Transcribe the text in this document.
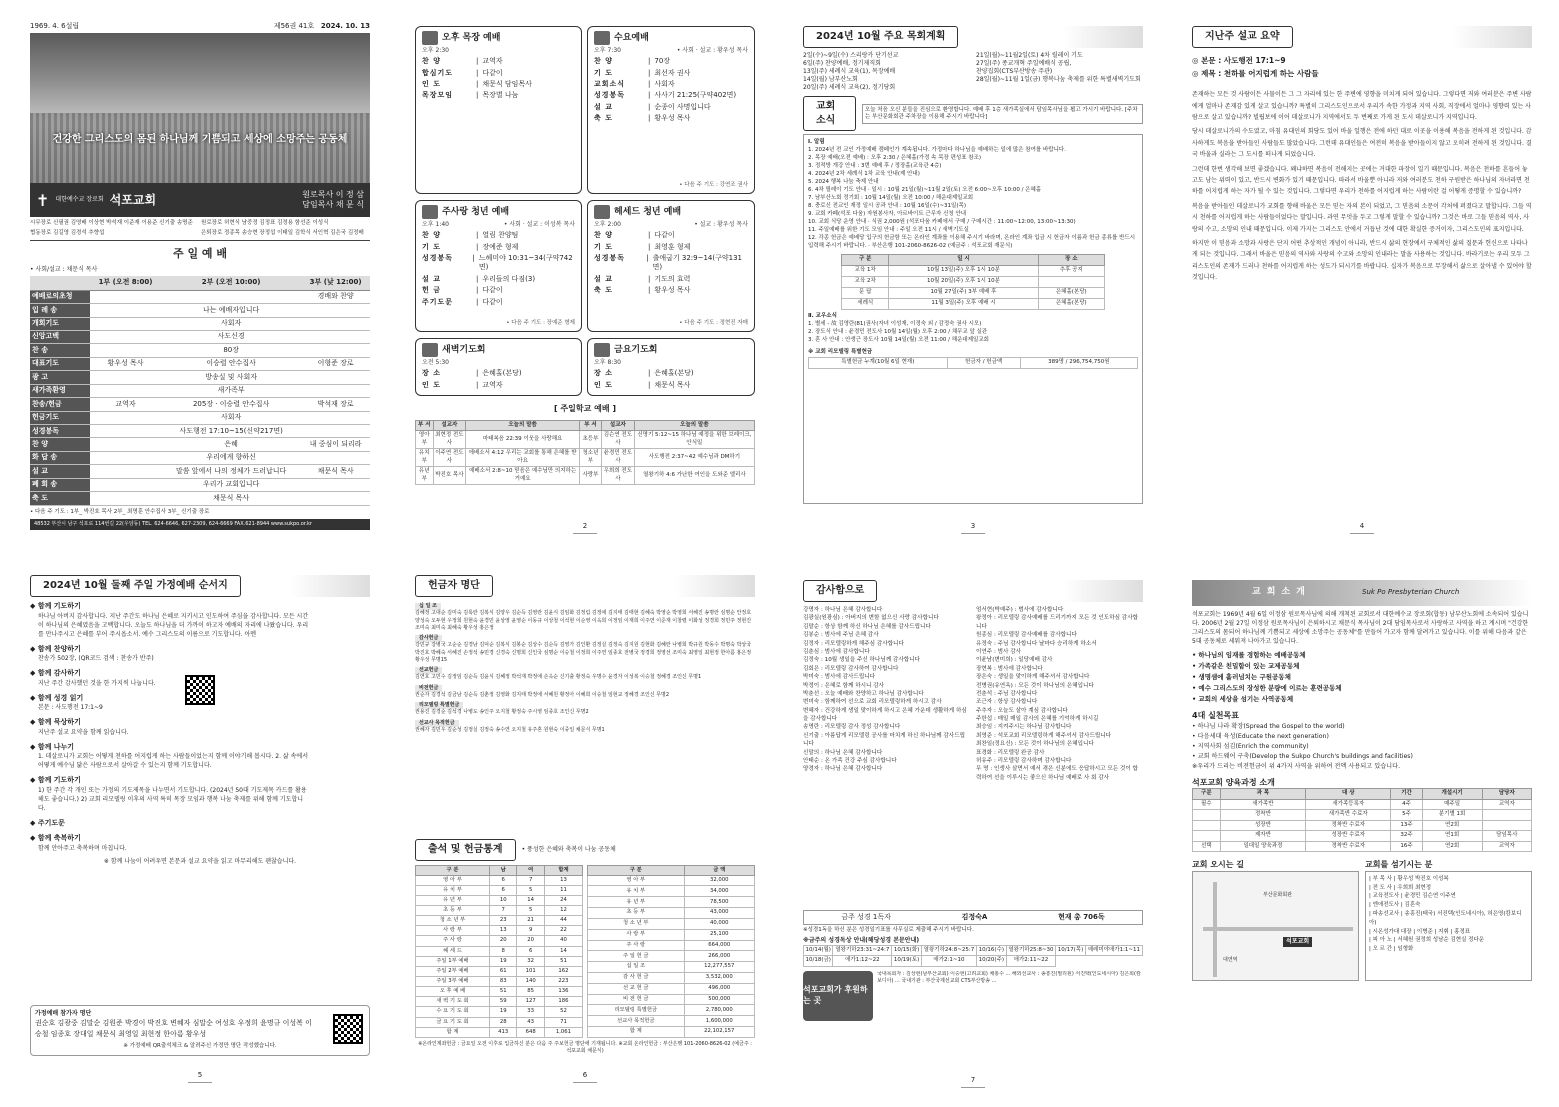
1969. 4. 6설립	제56권 41호 2024. 10. 13
건강한 그리스도의 몸된 하나님께 기쁨되고 세상에 소망주는 공동체
✝ 대한예수교 장로회 석포교회	원로목사 이 정 삼
담임목사 채 문 식
시무장로 신필권 김영배 이상현 박석재 이준재 이용준 신기출 송명준	원로장로 허현식 남중정 김정표 김정용 함선준 이성식
협동장로 김길영 김경석 추향섭	은퇴장로 정종목 송승현 장정섭 이태일 김학식 서인혁 김은국 김정배
주 일 예 배
• 사회/설교 : 채문식 목사
	1부 (오전 8:00)	2부 (오전 10:00)	3부 (낮 12:00)
예배로의초청			경배와 찬양
입 례 송		나는 예배자입니다	
개회기도		사회자	
신앙고백		사도신경	
찬 송		80장	
대표기도	황우성 목사	이승렬 안수집사	이형준 장로
광 고		방송실 및 사회자	
새가족환영		새가족부	
찬송/헌금	교역자	205장 · 이승렬 안수집사	박석재 장로
헌금기도		사회자	
성경봉독		사도행전 17:10~15(신약217면)	
찬 양		은혜	내 중심이 되리라
화 답 송		우리에게 향하신	
설 교		말씀 앞에서 나의 정체가 드러납니다	채문식 목사
폐 회 송		우리가 교회입니다	
축 도		채문식 목사	
• 다음 주 기도 : 1부_ 박진호 목사 2부_ 최명훈 안수집사 3부_ 신기출 장로
48532 부산시 남구 석포로 114번길 22(우암동) TEL. 624-6646, 627-2309, 624-6669 FAX.621-8944 www.sukpo.or.kr
오후 목장 예배
오후 2:30
찬 양	| 교역자
합심기도	| 다같이
인 도	| 채문식 담임목사
목장모임	| 목장별 나눔
수요예배
오후 7:30	• 사회 · 설교 : 황우성 목사
찬 양	| 70장
기 도	| 최선자 권사
교회소식	| 사회자
성경봉독	| 사사기 21:25(구약402면)
설 교	| 순종이 사명입니다
축 도	| 황우성 목사
• 다음 주 기도 : 강연조 권사
주사랑 청년 예배
오후 1:40	• 사회 · 설교 : 이성복 목사
찬 양	| 열림 찬양팀
기 도	| 장예준 형제
성경봉독	| 느헤미야 10:31~34(구약742면)
설 교	| 우리들의 다짐(3)
헌 금	| 다같이
주기도문	| 다같이
• 다음 주 기도 : 장예준 형제
헤세드 청년 예배
오후 2:00	• 설교 : 황우성 목사
찬 양	| 다같이
기 도	| 최영훈 형제
성경봉독	| 출애굽기 32:9~14(구약131면)
설 교	| 기도의 효력
축 도	| 황우성 목사
• 다음 주 기도 : 정현진 자매
새벽기도회
오전 5:30
장 소	| 은혜홀(본당)
인 도	| 교역자
금요기도회
오후 8:30
장 소	| 은혜홀(본당)
인 도	| 채문식 목사
[ 주일학교 예배 ]
부 서	설교자	오늘의 말씀	부 서	설교자	오늘의 말씀
영아부	최현정 전도사	마태복음 22:39 이웃을 사랑해요	초등부	김슨연 전도사	신명기 5:12~15 하나님 예정을 위한 브레이크, 안식일
유치부	이주연 전도사	에베소서 4:12 우리는 교회를 통해 은혜를 받아요	청소년부	윤경민 전도사	사도행전 2:37~42 예수님과 DM하기
유년부	박진호 목사	예배소서 2:8~10 믿음은 예수님만 의지하는 거예요	사랑부	우희희 전도사	열왕기하 4:6 가난한 여인을 도와준 엘리사
2
2024년 10월 주요 목회계획
2일(수)~9일(수) 스리랑카 단기선교
6일(주) 찬양예배, 정기제직회
13일(주) 세례식 교육(1), 목장예배
14일(월) 남부산노회
20일(주) 세례식 교육(2), 정기당회
21일(월)~11월2일(토) 4차 릴레이 기도
27일(주) 종교개혁 주일예배식 공립,
찬양집회(CTS부산방송 주관)
28일(월)~11월 1일(금) 행복나눔 축제를 위한 특별새벽기도회
교회소식
오늘 처음 오신 분들을 진심으로 환영합니다. 예배 후 1층 새가족실에서 담임목사님을 뵙고 가시기 바랍니다. [주차는 부산문화회관 주차장을 이용해 주시기 바랍니다]
Ⅰ. 알림
1. 2024년 전 교인 가정예배 캠페인가 계속됩니다. 가정마다 하나님을 예배하는 일에 많은 참여를 바랍니다.
2. 목장 예배(오전 예배) : 오후 2:30 / 은혜홀(가정 속 목장 편성표 참조)
3. 정적방 개강 안내 : 3번 예배 후 / 정장홀(교육관 4층)
4. 2024년 2차 세례식 1차 교육 안내(제 안내)
5. 2024 행복 나눔 축제 안내
6. 4차 릴레이 기도 안내 · 일시 : 10월 21일(월)~11월 2일(토) 오전 6:00~오후 10:00 / 은혜홀
7. 남부산노회 정기회 : 10월 14일(월) 오전 10:00 / 해운대제일교회
8. 충로신 전교인 재정 일시 공과 안내 : 10월 16일(수)~31일(목)
9. 교회 카페(석포 다움) 자원봉사자, 아르바이트 근무자 신청 안내
10. 교회 식당 운영 안내 · 식권 2,000원 (석포다움 카페에서 구매 / 구매시간 : 11:00~12:00, 13:00~13:30)
11. 주일예배를 위한 기도 모임 안내 : 주일 오전 11시 / 새벽기도실
12. 각종 헌금은 예배당 입구의 헌금함 또는 온라인 계좌를 이용해 주시기 바라며, 온라인 계좌 입금 시 헌금자 이름과 헌금 종류를 반드시 입력해 주시기 바랍니다. · 부산은행 101-2060-8626-02 (예금주 : 석포교회 재문식)
구 분	일 시	장 소
교육 1차	10월 13일(주) 오후 1시 10분	추후 공지
교육 2차	10월 20일(주) 오후 1시 10분	
문 답	10월 27일(주) 3부 예배 후	은혜홀(본당)
세례식	11월 3일(주) 오후 예배 시	은혜홀(본당)
Ⅱ. 교우소식
1. 별세 - 故 김영란(81)권사(자녀 이성재, 이정숙 외 / 감정숙 권사 시모)
2. 장도식 안내 : 윤경민 전도사 10월 14일(월) 오후 2:00 / 채무교 앞 실관
3. 혼 사 안내 : 안생근 장도사 10월 14일(월) 오전 11:00 / 해운대제일교회
※ 교회 리모델링 특별헌금
특별헌금 누계(10월 6일 현재)	헌금자 / 헌금액	389명 / 296,754,750원
3
지난주 설교 요약
◎ 본문 : 사도행전 17:1~9
◎ 제목 : 천하를 어지럽게 하는 사람들

존재하는 모든 것 사람이든 사물이든 그 그 자리에 있는 한 주변에 영향을 미치게 되어 있습니다. 그렇다면 저와 여러분은 주변 사람에게 얼마나 존재감 있게 살고 있습니까? 특별히 그리스도인으로서 우리가 속한 가정과 지역 사회, 직장에서 얼마나 영향력 있는 사람으로 살고 있습니까? 빌립보에 이어 데살로니가 지역에서도 두 번째로 가게 된 도시 데살로니가 지역입니다.

당시 데살로니가의 수도였고, 마침 유대인의 회당도 있어 바울 일행은 전에 하던 대로 이곳을 이용해 복음을 전하게 된 것입니다. 감사하게도 복음을 받아들인 사람들도 많았습니다. 그런데 유대인들은 여전히 복음을 받아들이지 않고 오히려 전하게 된 것입니다. 결국 바울과 실라는 그 도시를 떠나게 되었습니다.

그런데 한번 생각해 보면 좋겠습니다. 왜냐하면 복음이 전해지는 곳에는 거대한 파장이 일기 때문입니다. 복음은 천하를 흔들어 놓고도 남는 위력이 있고, 반드시 변화가 있기 때문입니다. 따라서 바울뿐 아니라 저와 여러분도 천하 구원받은 하나님의 자녀라면 천하를 어지럽게 하는 자가 될 수 있는 것입니다. 그렇다면 우리가 천하를 어지럽게 하는 사람이란 걸 어떻게 증명할 수 있습니까?

복음을 받아들인 데살로니가 교회를 향해 바울은 모든 믿는 자의 본이 되었고, 그 믿음의 소문이 각처에 퍼졌다고 말합니다. 그들 역시 천하를 어지럽게 하는 사람들이었다는 말입니다. 과연 무엇을 두고 그렇게 말할 수 있습니까? 그것은 바로 그들 믿음의 역사, 사랑의 수고, 소망의 인내 때문입니다. 이제 가지는 그리스도 안에서 거듭난 것에 대한 확실한 증거이자, 그리스도인의 표지입니다.

하지만 이 믿음과 소망과 사랑은 단지 어떤 추상적인 개념이 아니라, 반드시 삶의 현장에서 구체적인 삶의 질문과 헌신으로 나타나게 되는 것입니다. 그래서 바울은 믿음의 역사와 사랑의 수고와 소망의 인내라는 말을 사용하는 것입니다. 바라기로는 우리 모두 그리스도인의 존재가 드러나 천하를 어지럽게 하는 성도가 되시기를 바랍니다. 십자가 복음으로 무장해서 삶으로 살아낼 수 있어야 할 것입니다.

4
2024년 10월 둘째 주일 가정예배 순서지
◆ 함께 기도하기
하나님 아버지 감사합니다. 지난 주간도 하나님 은혜로 지키시고 인도하여 주심을 감사합니다. 모든 시간이 하나님의 은혜였음을 고백합니다. 오늘도 하나님을 더 가까이 하고자 예배의 자리에 나왔습니다. 우리를 만나주시고 은혜를 부어 주시옵소서. 예수 그리스도의 이름으로 기도합니다. 아멘
◆ 함께 찬양하기
찬송가 502장, (QR코드 검색 : 찬송가 반주)
◆ 함께 감사하기
지난 주간 감사했던 것을 한 가지씩 나눕니다.
◆ 함께 성경 읽기
본문 : 사도행전 17:1~9
◆ 함께 묵상하기
지난주 설교 요약을 함께 읽습니다.
◆ 함께 나누기
1. 데살로니가 교회는 어떻게 천하를 어지럽게 하는 사람들이었는지 함께 이야기해 봅시다. 2. 삶 속에서 어떻게 예수님 닮은 사람으로서 살아갈 수 있는지 함께 기도합니다.
◆ 함께 기도하기
1) 한 주간 각 개인 또는 가정의 기도제목을 나누면서 기도합니다. (2024년 50대 기도제목 카드를 활용해도 좋습니다.) 2) 교회 리모델링 이후의 사역 특히 목장 모임과 행복 나눔 축제를 위해 함께 기도합니다.
◆ 주기도문
◆ 함께 축복하기
함께 안아주고 축복하며 마칩니다.
※ 함께 나눔이 어려우면 본문과 설교 요약을 읽고 마무리해도 괜찮습니다.
가정예배 참가자 명단
권순호 김광중 김말순 김원준 박경이 박진호 변혜자 심말순 여성호 우정희 윤명규 이성복 이승철 임종호 장대일 채문식 최영일 최현정 한아름 황우성
※ 가정예배 QR출석체크 & 알려주신 가정만 명단 작성했습니다.
5
헌금자 명단
십 일 조
김혜정 고대순 김미숙 김록란 김복식 김양우 김순득 김영란 김윤식 김임화 김정림 김정애 김지태 김태현 김혜숙 박영순 박영희 서혜진 송명란 심명순 안정호 양성숙 오두현 우정희 원현숙 윤경민 윤상영 윤영순 이동규 이상철 이석현 이순영 이옥희 이정임 이재희 이주연 이준재 이창렬 이화성 정경희 정민주 정현진 조미숙 최미숙 최혜숙 황우성 홍은정
감사헌금
강민규 강병국 고순순 김경남 김덕순 김복식 김봉순 김상수 김순득 김영가 김인환 김정실 김정숙 김지원 김현화 김혜란 나병희 박규원 박동수 박명숙 박상국 박진호 박혜숙 서혜진 손정석 송민경 신경숙 신명희 신인국 심명순 이승철 이정희 이주연 임종호 전병국 정경희 정영선 조미숙 최영일 최현정 한아름 홍은정 황우성 무명15
선교헌금
김연호 고민수 김정임 김순득 김윤식 김혜정 박석재 박정애 손옥순 신기출 황정숙 우명수 윤경자 이성복 이승철 정혜경 조인신 무명1
비전헌금
권순자 김경석 김금남 김순득 김춘정 김영화 김지태 박정애 서혜원 황정아 이혜희 이승철 임현교 정혜경 조인신 무명2
리모델링 특별헌금
권용진 김경순 김석경 나병도 송인주 오지철 황정숙 주시영 임종호 조인신 무명2
선교사 목적헌금
권혜자 김민우 김순성 김정실 김정숙 송수연 오지철 유주혼 원현숙 이중일 채문식 무명1
출석 및 헌금통계	• 풍성한 은혜와 축복이 나눔 공동체
구 분	남	여	합계
영 아 부	6	7	13
유 치 부	6	5	11
유 년 부	10	14	24
초 등 부	7	5	12
청 소 년 부	23	21	44
사 랑 부	13	9	22
주 사 랑	20	20	40
헤 세 드	8	6	14
주일 1부 예배	19	32	51
주일 2부 예배	61	101	162
주일 3부 예배	83	140	223
오 후 예 배	51	85	136
새 벽 기 도 회	59	127	186
수 요 기 도 회	19	33	52
금 요 기 도 회	28	43	71
합 계	413	648	1,061
구 분	금 액
영 아 부	32,000
유 치 부	34,000
유 년 부	78,500
초 등 부	43,000
청 소 년 부	40,000
사 랑 부	25,100
주 사 랑	664,000
주 일 헌 금	266,000
십 일 조	12,277,557
감 사 헌 금	3,532,000
선 교 헌 금	496,000
비 전 헌 금	500,000
리모델링 특별헌금	2,780,000
선교사 목적헌금	1,600,000
합 계	22,102,157
※온라인계좌헌금 : 금요일 오전 이후로 입금하신 분은 다음 주 주보헌금 명단에 기재됩니다. ※교회 온라인헌금 : 부산은행 101-2060-8626-02 (예금주 : 석포교회 채문식)
6
감사함으로
강명자 : 하나님 은혜 감사합니다
김광실(원광심) : 아버지의 변함 없으신 사랑 감사합니다
김말순 : 항상 함께 하신 하나님 은혜를 감사드립니다
김봉순 : 범사에 주님 은혜 감사
김정자 : 리모델링하게 해주심 감사합니다
김춘심 : 범사에 감사합니다
김정숙 : 10월 생일을 주신 하나님께 감사합니다
김회은 : 리모델링 감사하여 감사합니다
박미숙 : 범사에 감사드립니다
박정이 : 은혜로 함께 하시니 감사
박춘선 : 오늘 예배와 찬양하고 하나님 감사합니다
변미숙 : 함께하여 선으로 교회 리모델링하게 하시고 감사
변혜자 : 건강하게 생일 맞이하게 하시고 은혜 가운데 생활하게 하심을 감사합니다
송명란 : 리모델링 감사 정성 감사합니다
신기출 : 아름답게 리모델링 공사를 마치게 하신 하나님께 감사드립니다
신말의 : 하나님 은혜 감사합니다
안태순 : 온 가족 건강 주심 감사합니다
양경자 : 하나님 은혜 감사합니다
엄서현(박예주) : 범사에 감사합니다
왕정아 : 리모델링 감사예배를 드리기까지 모든 것 인도하심 감사합니다
원종심 : 리모델링 감사예배를 감사합니다
유정숙 : 주님 감사합니다 날마다 승리하게 하소서
이연주 : 범사 감사
이윤남(변미희) : 일당예배 감사
장현복 : 범사에 감사합니다
장은숙 : 생일을 맞이하게 해주셔서 감사합니다
전병권(유연옥) : 모든 것이 하나님의 은혜입니다
전춘석 : 주님 감사합니다
조근자 : 항상 감사합니다
주추자 : 오늘도 살아 계심 감사합니다
주한섭 : 매일 매일 감사의 은혜를 기억하게 하시길
최승임 : 지켜주시는 하나님 감사합니다
최영준 : 석포교회 리모델링하게 해주셔서 감사드립니다
최찬일(정요신) : 모든 것이 하나님의 은혜입니다
표경화 : 리모델링 완공 감사
허유주 : 리모델링 감사하며 감사합니다
무 명 : 인생사 살면서 예서 겪은 신분에도 응답하시고 모든 것이 합력하여 선을 이루시는 좋으신 하나님 예배로 사 회 감사
금주 성경 1독자	김정숙A	현재 총 706독
※성경1독을 하신 분은 성경일기표를 사무실로 제출해 주시기 바랍니다.
※금주의 성경독상 안내(해당성경 본문안내)
10/14(월)	열왕기하23:31~24:7	10/15(화)	열왕기하24:8~25:7	10/16(수)	열왕기하25:8~30	10/17(목)	예레미야애가1:1~11
10/18(금)	애가1:12~22	10/19(토)	애가2:1~10	10/20(주)	애가2:11~22		
석포교회가 후원하는 곳
국내목회자 : 김상현(남부산교회) 이승현(고려교회) 채홍수 ... 해외선교사 : 송흥진(필리핀) 서진택(인도네시아) 김은희(캄보디아) ... 국내기관 : 부산국제선교회 CTS부산방송 ...
7
교회소개	Suk Po Presbyterian Church
석포교회는 1969년 4월 6일 이정삼 원로목사님에 의해 개척된 교회로서 대한예수교 장로회(합동) 남부산노회에 소속되어 있습니다. 2006년 2월 27일 이정삼 원로목사님이 은퇴하시고 채문식 목사님이 2대 담임목사로서 사랑하고 사역을 하고 계시며 "건강한 그리스도의 몸되어 하나님께 기쁨되고 세상에 소망주는 공동체"를 만들어 가고자 함께 달려가고 있습니다. 이를 위해 다음과 같은 5대 공동체로 세워져 나아가고 있습니다.
• 하나님의 임재를 경험하는 예배공동체
• 가족같은 친밀함이 있는 교제공동체
• 생명샘에 흘러넘치는 구원공동체
• 예수 그리스도의 장성한 분량에 이르는 훈련공동체
• 교회의 세상을 섬기는 사역공동체
4대 실천목표
• 하나님 나라 확장(Spread the Gospel to the world)
• 다음세대 육성(Educate the next generation)
• 지역사회 섬김(Enrich the community)
• 교회 하드웨어 구축(Develop the Sukpo Church's buildings and facilities)
※우리가 드리는 비전헌금이 위 4가지 사역을 위하여 전액 사용되고 있습니다.
석포교회 양육과정 소개
구분	과 목	대 상	기간	개설시기	담당자
필수	새가족반	새가족등록자	4주	매주일	교역자
	정착반	새가족반 수료자	5주	분기별 1회	
	성장반	정착반 수료자	13주	연2회	
	제자반	성장반 수료자	32주	연1회	담임목사
선택	일대일 양육과정	정착반 수료자	16주	연2회	교역자
교회 오시는 길
대연역
석포교회
부산문화회관
교회를 섬기시는 분
| 부 목 사 | 황우성 박진호 이성복
| 전 도 사 | 우희희 최현정
| 교육전도사 | 윤경민 김슨연 이주연
| 엔애전도사 | 김혼숙
| 파송선교사 | 송흥진(태국) 서진택(인도네시아), 허은영(캄보디아)
| 시온성가대 대장 | 이병준 | 지휘 | 홍정표
| 피 아 노 | 서혜원 권정희 성남순 김현실 정다운
| 오 르 간 | 임형화
